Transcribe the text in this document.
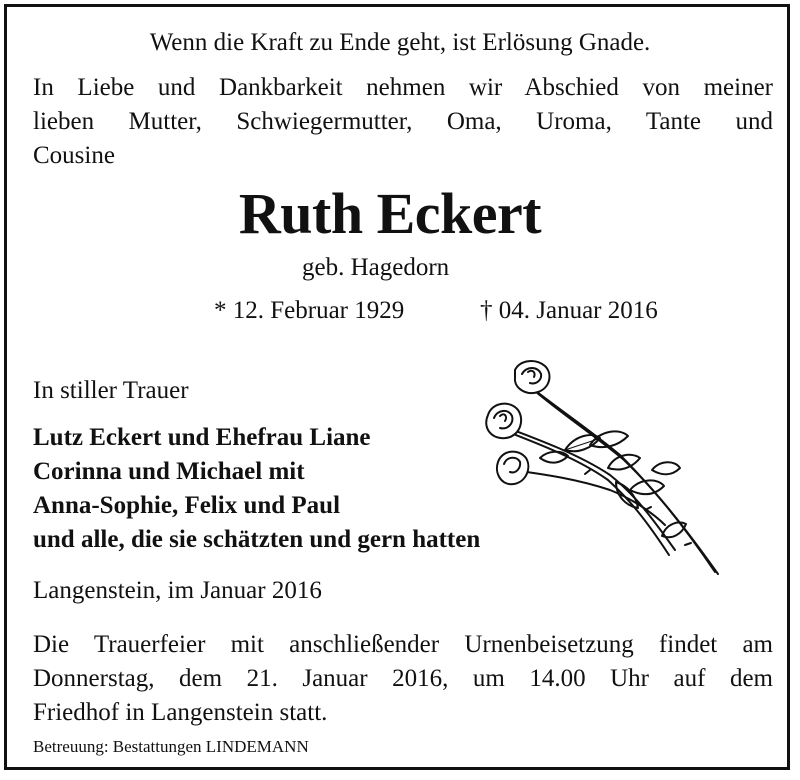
Wenn die Kraft zu Ende geht, ist Erlösung Gnade.
In Liebe und Dankbarkeit nehmen wir Abschied von meiner
lieben Mutter, Schwiegermutter, Oma, Uroma, Tante und
Cousine
Ruth Eckert
geb. Hagedorn
* 12. Februar 1929	† 04. Januar 2016
In stiller Trauer
Lutz Eckert und Ehefrau Liane
Corinna und Michael mit
Anna-Sophie, Felix und Paul
und alle, die sie schätzten und gern hatten
Langenstein, im Januar 2016
Die Trauerfeier mit anschließender Urnenbeisetzung findet am
Donnerstag, dem 21. Januar 2016, um 14.00 Uhr auf dem
Friedhof in Langenstein statt.
Betreuung: Bestattungen LINDEMANN
